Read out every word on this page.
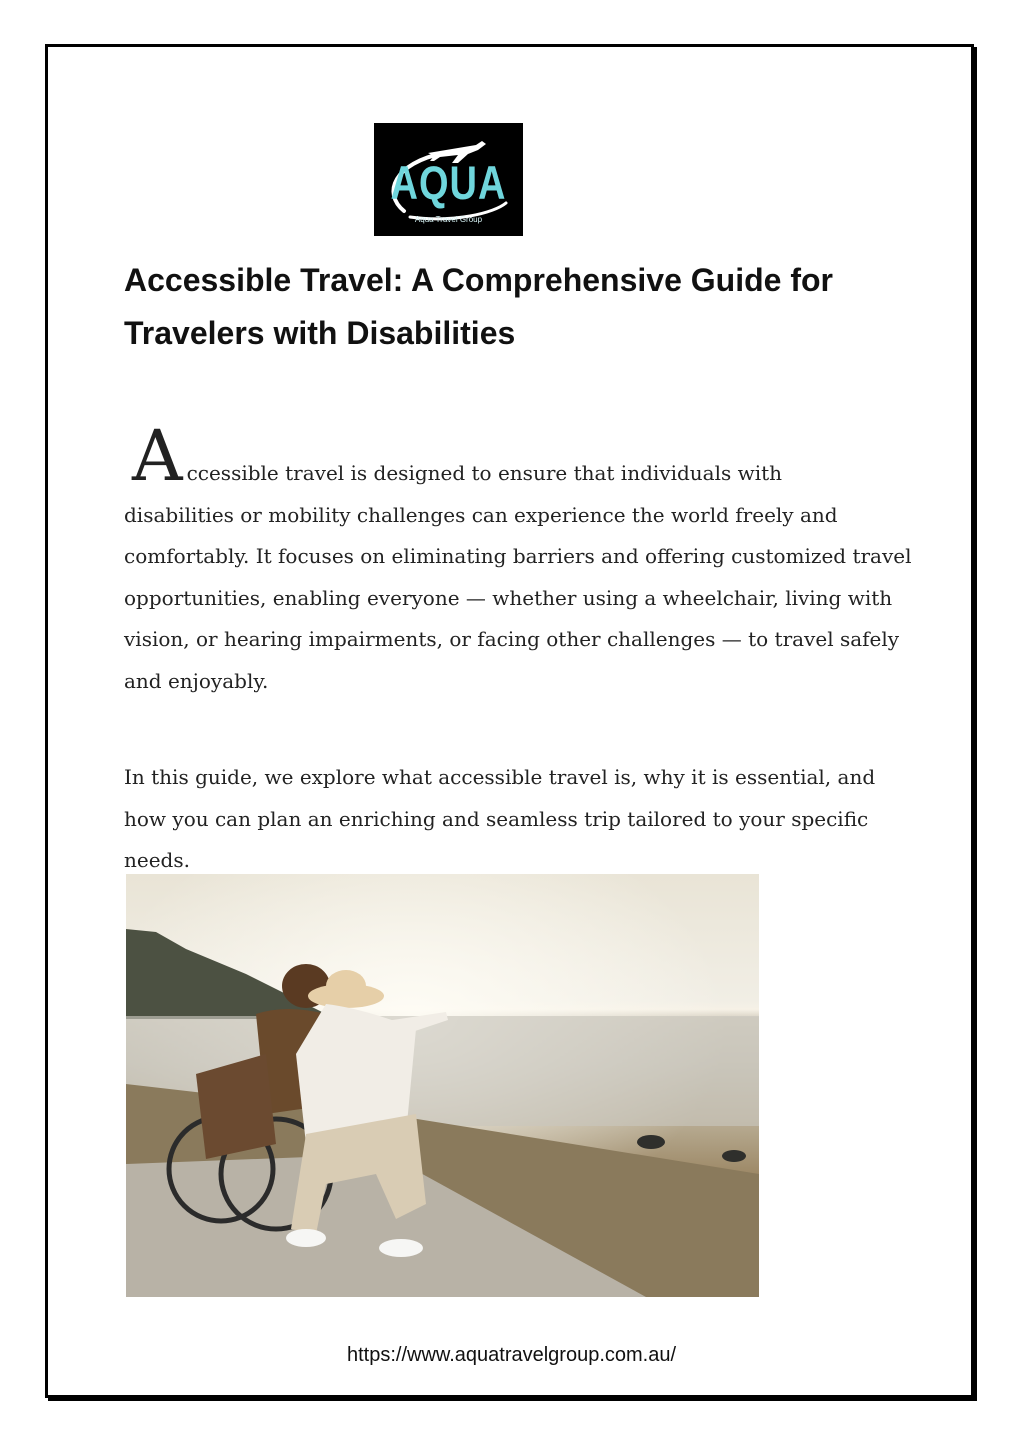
AQUA
Aqua Travel Group
Accessible Travel: A Comprehensive Guide for Travelers with Disabilities
A ccessible travel is designed to ensure that individuals with
disabilities or mobility challenges can experience the world freely and comfortably. It focuses on eliminating barriers and offering customized travel opportunities, enabling everyone — whether using a wheelchair, living with vision, or hearing impairments, or facing other challenges — to travel safely and enjoyably.

In this guide, we explore what accessible travel is, why it is essential, and how you can plan an enriching and seamless trip tailored to your specific needs.

https://www.aquatravelgroup.com.au/
